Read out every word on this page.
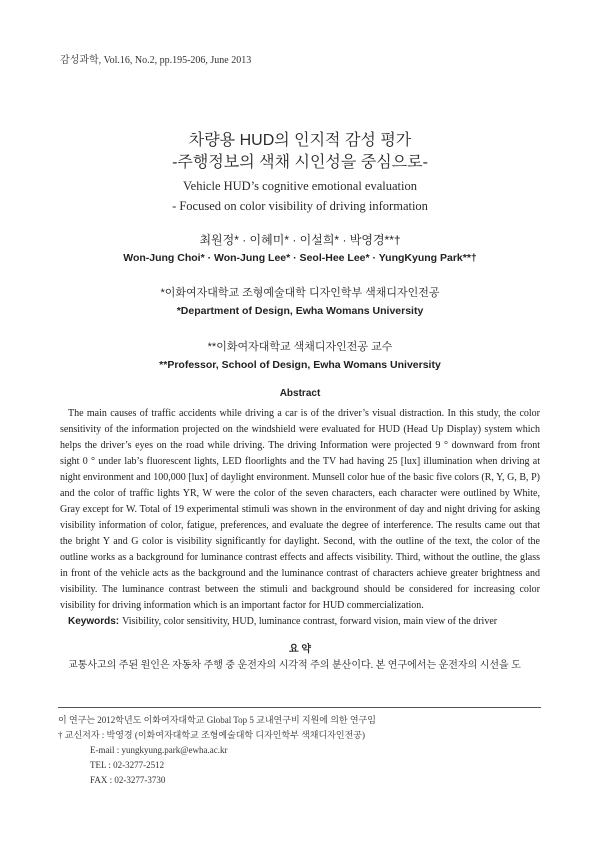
감성과학, Vol.16, No.2, pp.195-206, June 2013
차량용 HUD의 인지적 감성 평가
-주행정보의 색채 시인성을 중심으로-
Vehicle HUD’s cognitive emotional evaluation
- Focused on color visibility of driving information
최원정* · 이혜미* · 이설희* · 박영경**†
Won-Jung Choi* · Won-Jung Lee* · Seol-Hee Lee* · YungKyung Park**†
*이화여자대학교 조형예술대학 디자인학부 색채디자인전공
*Department of Design, Ewha Womans University
**이화여자대학교 색채디자인전공 교수
**Professor, School of Design, Ewha Womans University
Abstract
The main causes of traffic accidents while driving a car is of the driver’s visual distraction. In this study, the color sensitivity of the information projected on the windshield were evaluated for HUD (Head Up Display) system which helps the driver’s eyes on the road while driving. The driving Information were projected 9 ° downward from front sight 0 ° under lab’s fluorescent lights, LED floorlights and the TV had having 25 [lux] illumination when driving at night environment and 100,000 [lux] of daylight environment. Munsell color hue of the basic five colors (R, Y, G, B, P) and the color of traffic lights YR, W were the color of the seven characters, each character were outlined by White, Gray except for W. Total of 19 experimental stimuli was shown in the environment of day and night driving for asking visibility information of color, fatigue, preferences, and evaluate the degree of interference. The results came out that the bright Y and G color is visibility significantly for daylight. Second, with the outline of the text, the color of the outline works as a background for luminance contrast effects and affects visibility. Third, without the outline, the glass in front of the vehicle acts as the background and the luminance contrast of characters achieve greater brightness and visibility. The luminance contrast between the stimuli and background should be considered for increasing color visibility for driving information which is an important factor for HUD commercialization.
Keywords: Visibility, color sensitivity, HUD, luminance contrast, forward vision, main view of the driver
요 약
교통사고의 주된 원인은 자동차 주행 중 운전자의 시각적 주의 분산이다. 본 연구에서는 운전자의 시선을 도
이 연구는 2012학년도 이화여자대학교 Global Top 5 교내연구비 지원에 의한 연구임
† 교신저자 : 박영경 (이화여자대학교 조형예술대학 디자인학부 색채디자인전공)
E-mail : yungkyung.park@ewha.ac.kr
TEL : 02-3277-2512
FAX : 02-3277-3730
